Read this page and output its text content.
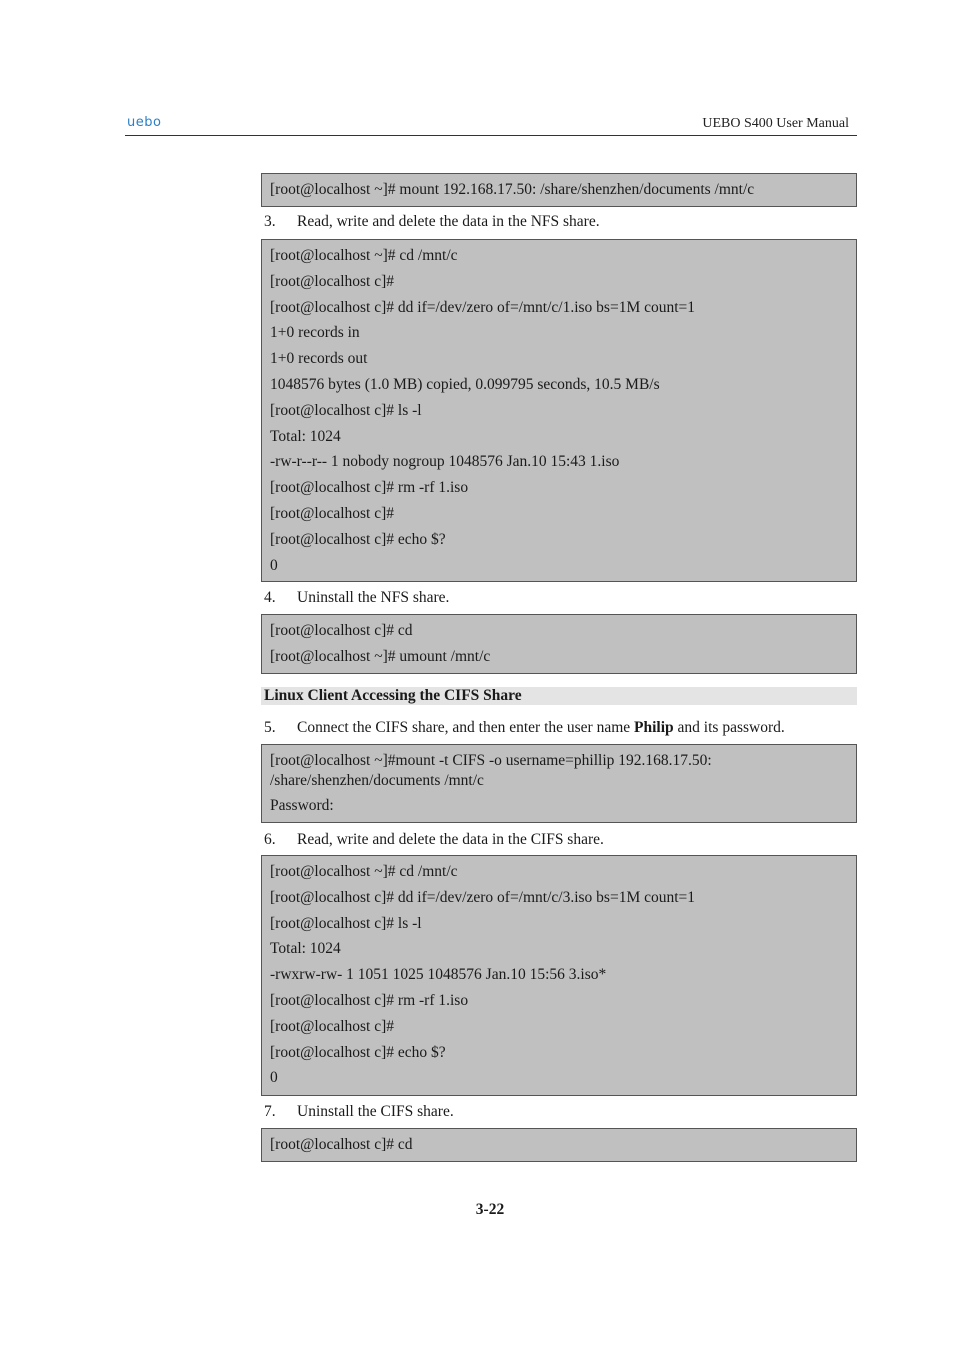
uebo	UEBO S400 User Manual
[root@localhost ~]# mount 192.168.17.50: /share/shenzhen/documents /mnt/c
3. Read, write and delete the data in the NFS share.
[root@localhost ~]# cd /mnt/c
[root@localhost c]#
[root@localhost c]# dd if=/dev/zero of=/mnt/c/1.iso bs=1M count=1
1+0 records in
1+0 records out
1048576 bytes (1.0 MB) copied, 0.099795 seconds, 10.5 MB/s
[root@localhost c]# ls -l
Total: 1024
-rw-r--r-- 1 nobody nogroup 1048576 Jan.10 15:43 1.iso
[root@localhost c]# rm -rf 1.iso
[root@localhost c]#
[root@localhost c]# echo $?
0
4. Uninstall the NFS share.
[root@localhost c]# cd
[root@localhost ~]# umount /mnt/c
Linux Client Accessing the CIFS Share
5. Connect the CIFS share, and then enter the user name Philip and its password.
[root@localhost ~]#mount -t CIFS -o username=phillip 192.168.17.50: /share/shenzhen/documents /mnt/c
Password:
6. Read, write and delete the data in the CIFS share.
[root@localhost ~]# cd /mnt/c
[root@localhost c]# dd if=/dev/zero of=/mnt/c/3.iso bs=1M count=1
[root@localhost c]# ls -l
Total: 1024
-rwxrw-rw- 1 1051 1025 1048576 Jan.10 15:56 3.iso*
[root@localhost c]# rm -rf 1.iso
[root@localhost c]#
[root@localhost c]# echo $?
0
7. Uninstall the CIFS share.
[root@localhost c]# cd
3-22
